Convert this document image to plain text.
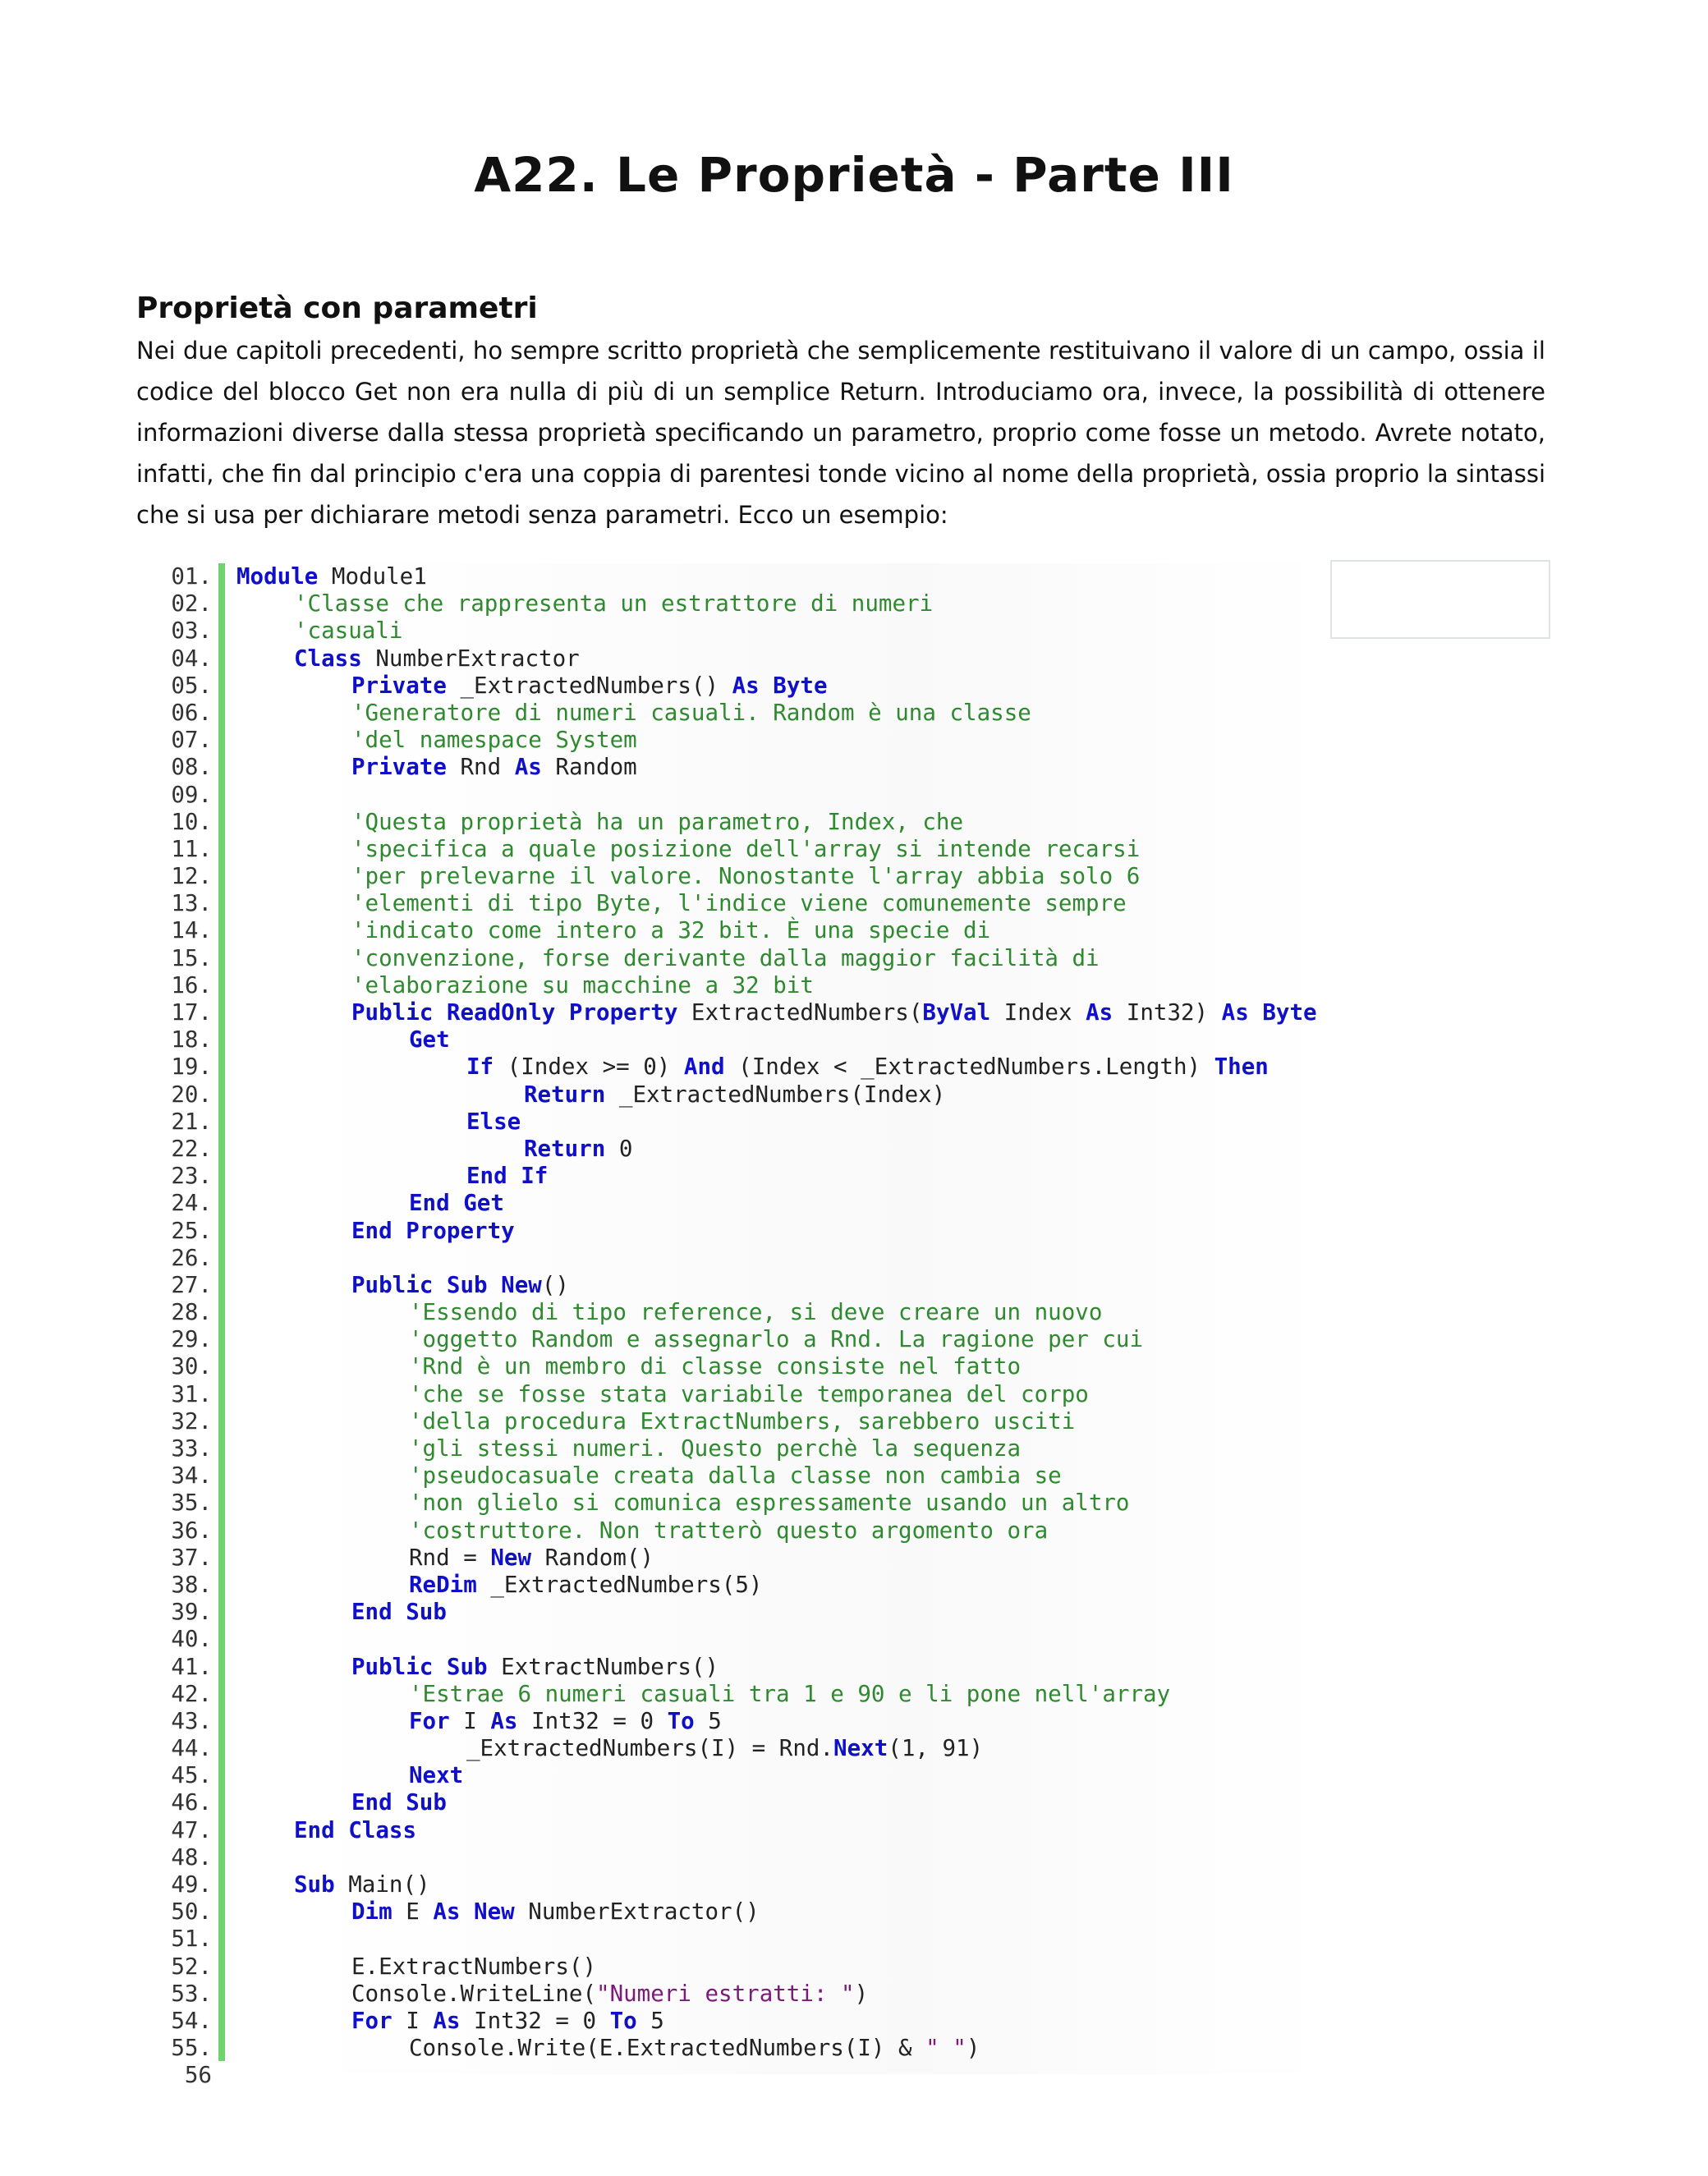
A22. Le Proprietà - Parte III
Proprietà con parametri

Nei due capitoli precedenti, ho sempre scritto proprietà che semplicemente restituivano il valore di un campo, ossia il codice del blocco Get non era nulla di più di un semplice Return. Introduciamo ora, invece, la possibilità di ottenere informazioni diverse dalla stessa proprietà specificando un parametro, proprio come fosse un metodo. Avrete notato, infatti, che fin dal principio c'era una coppia di parentesi tonde vicino al nome della proprietà, ossia proprio la sintassi che si usa per dichiarare metodi senza parametri. Ecco un esempio:

01. Module Module1
02.	'Classe che rappresenta un estrattore di numeri
03.	'casuali
04.	Class NumberExtractor
05.	Private _ExtractedNumbers() As Byte
06.	'Generatore di numeri casuali. Random è una classe
07.	'del namespace System
08.	Private Rnd As Random
09.
10.	'Questa proprietà ha un parametro, Index, che
11.	'specifica a quale posizione dell'array si intende recarsi
12.	'per prelevarne il valore. Nonostante l'array abbia solo 6
13.	'elementi di tipo Byte, l'indice viene comunemente sempre
14.	'indicato come intero a 32 bit. È una specie di
15.	'convenzione, forse derivante dalla maggior facilità di
16.	'elaborazione su macchine a 32 bit
17.	Public ReadOnly Property ExtractedNumbers(ByVal Index As Int32) As Byte
18.	Get
19.	If (Index >= 0) And (Index < _ExtractedNumbers.Length) Then
20.	Return _ExtractedNumbers(Index)
21.	Else
22.	Return 0
23.	End If
24.	End Get
25.	End Property
26.
27.	Public Sub New()
28.	'Essendo di tipo reference, si deve creare un nuovo
29.	'oggetto Random e assegnarlo a Rnd. La ragione per cui
30.	'Rnd è un membro di classe consiste nel fatto
31.	'che se fosse stata variabile temporanea del corpo
32.	'della procedura ExtractNumbers, sarebbero usciti
33.	'gli stessi numeri. Questo perchè la sequenza
34.	'pseudocasuale creata dalla classe non cambia se
35.	'non glielo si comunica espressamente usando un altro
36.	'costruttore. Non tratterò questo argomento ora
37.	Rnd = New Random()
38.	ReDim _ExtractedNumbers(5)
39.	End Sub
40.
41.	Public Sub ExtractNumbers()
42.	'Estrae 6 numeri casuali tra 1 e 90 e li pone nell'array
43.	For I As Int32 = 0 To 5
44.	_ExtractedNumbers(I) = Rnd.Next(1, 91)
45.	Next
46.	End Sub
47.	End Class
48.
49.	Sub Main()
50.	Dim E As New NumberExtractor()
51.
52.	E.ExtractNumbers()
53.	Console.WriteLine("Numeri estratti: ")
54.	For I As Int32 = 0 To 5
55.	Console.Write(E.ExtractedNumbers(I) & " ")
56
